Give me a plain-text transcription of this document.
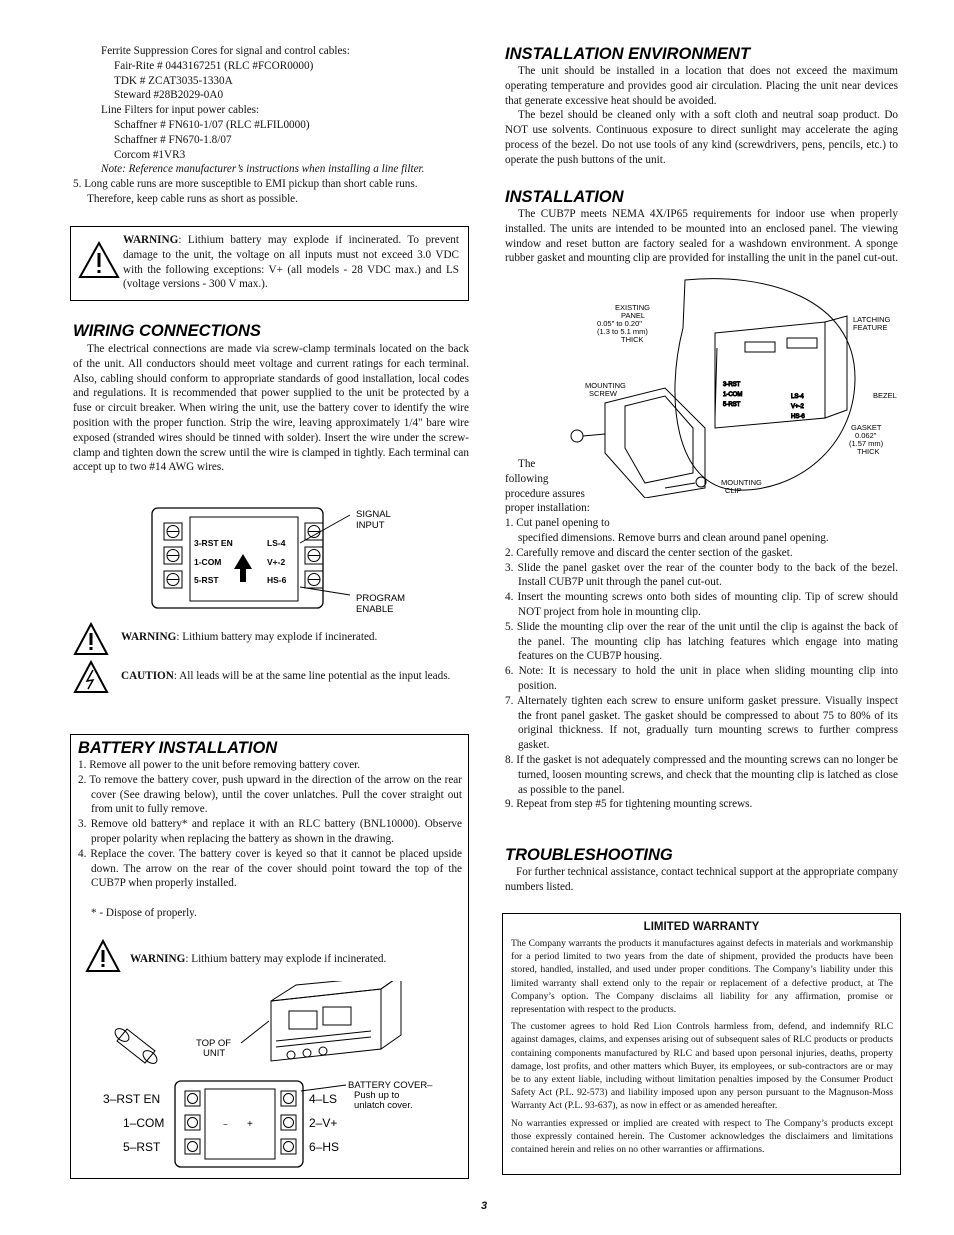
Ferrite Suppression Cores for signal and control cables:

Fair-Rite # 0443167251 (RLC #FCOR0000)

TDK # ZCAT3035-1330A

Steward #28B2029-0A0

Line Filters for input power cables:

Schaffner # FN610-1/07 (RLC #LFIL0000)

Schaffner # FN670-1.8/07

Corcom #1VR3

Note: Reference manufacturer’s instructions when installing a line filter.

5. Long cable runs are more susceptible to EMI pickup than short cable runs.

Therefore, keep cable runs as short as possible.

WARNING: Lithium battery may explode if incinerated. To prevent damage to the unit, the voltage on all inputs must not exceed 3.0 VDC with the following exceptions: V+ (all models - 28 VDC max.) and LS (voltage versions - 300 V max.).
WIRING CONNECTIONS

The electrical connections are made via screw-clamp terminals located on the back of the unit. All conductors should meet voltage and current ratings for each terminal. Also, cabling should conform to appropriate standards of good installation, local codes and regulations. It is recommended that power supplied to the unit be protected by a fuse or circuit breaker. When wiring the unit, use the battery cover to identify the wire position with the proper function. Strip the wire, leaving approximately 1/4" bare wire exposed (stranded wires should be tinned with solder). Insert the wire under the screw-clamp and tighten down the screw until the wire is clamped in tightly. Each terminal can accept up to two #14 AWG wires.

3-RST EN
1-COM
5-RST
LS-4
V+-2
HS-6
SIGNAL
INPUT
PROGRAM
ENABLE
WARNING: Lithium battery may explode if incinerated.
CAUTION: All leads will be at the same line potential as the input leads.
BATTERY INSTALLATION
1. Remove all power to the unit before removing battery cover.
2. To remove the battery cover, push upward in the direction of the arrow on the rear cover (See drawing below), until the cover unlatches. Pull the cover straight out from unit to fully remove.
3. Remove old battery* and replace it with an RLC battery (BNL10000). Observe proper polarity when replacing the battery as shown in the drawing.
4. Replace the cover. The battery cover is keyed so that it cannot be placed upside down. The arrow on the rear of the cover should point toward the top of the CUB7P when properly installed.

* - Dispose of properly.

WARNING: Lithium battery may explode if incinerated.
TOP OF
UNIT
BATTERY COVER–
Push up to
unlatch cover.
− +
3–RST EN
1–COM
5–RST
4–LS
2–V+
6–HS
INSTALLATION ENVIRONMENT

The unit should be installed in a location that does not exceed the maximum operating temperature and provides good air circulation. Placing the unit near devices that generate excessive heat should be avoided.

The bezel should be cleaned only with a soft cloth and neutral soap product. Do NOT use solvents. Continuous exposure to direct sunlight may accelerate the aging process of the bezel. Do not use tools of any kind (screwdrivers, pens, pencils, etc.) to operate the push buttons of the unit.

INSTALLATION

The CUB7P meets NEMA 4X/IP65 requirements for indoor use when properly installed. The units are intended to be mounted into an enclosed panel. The viewing window and reset button are factory sealed for a washdown environment. A sponge rubber gasket and mounting clip are provided for installing the unit in the panel cut-out.

3-RST
1-COM
5-RST
LS-4
V+-2
HS-6
EXISTING
PANEL
0.05" to 0.20"
(1.3 to 5.1 mm)
THICK
LATCHING
FEATURE
BEZEL
GASKET
0.062"
(1.57 mm)
THICK
MOUNTING
SCREW
MOUNTING
CLIP

The

following

procedure assures

proper installation:

1. Cut panel opening to

specified dimensions. Remove burrs and clean around panel opening.

2. Carefully remove and discard the center section of the gasket.
3. Slide the panel gasket over the rear of the counter body to the back of the bezel. Install CUB7P unit through the panel cut-out.
4. Insert the mounting screws onto both sides of mounting clip. Tip of screw should NOT project from hole in mounting clip.
5. Slide the mounting clip over the rear of the unit until the clip is against the back of the panel. The mounting clip has latching features which engage into mating features on the CUB7P housing.
6. Note: It is necessary to hold the unit in place when sliding mounting clip into position.
7. Alternately tighten each screw to ensure uniform gasket pressure. Visually inspect the front panel gasket. The gasket should be compressed to about 75 to 80% of its original thickness. If not, gradually turn mounting screws to further compress gasket.
8. If the gasket is not adequately compressed and the mounting screws can no longer be turned, loosen mounting screws, and check that the mounting clip is latched as close as possible to the panel.
9. Repeat from step #5 for tightening mounting screws.
TROUBLESHOOTING

For further technical assistance, contact technical support at the appropriate company numbers listed.

LIMITED WARRANTY

The Company warrants the products it manufactures against defects in materials and workmanship for a period limited to two years from the date of shipment, provided the products have been stored, handled, installed, and used under proper conditions. The Company’s liability under this limited warranty shall extend only to the repair or replacement of a defective product, at The Company’s option. The Company disclaims all liability for any affirmation, promise or representation with respect to the products.

The customer agrees to hold Red Lion Controls harmless from, defend, and indemnify RLC against damages, claims, and expenses arising out of subsequent sales of RLC products or products containing components manufactured by RLC and based upon personal injuries, deaths, property damage, lost profits, and other matters which Buyer, its employees, or sub-contractors are or may be to any extent liable, including without limitation penalties imposed by the Consumer Product Safety Act (P.L. 92-573) and liability imposed upon any person pursuant to the Magnuson-Moss Warranty Act (P.L. 93-637), as now in effect or as amended hereafter.

No warranties expressed or implied are created with respect to The Company’s products except those expressly contained herein. The Customer acknowledges the disclaimers and limitations contained herein and relies on no other warranties or affirmations.

3
